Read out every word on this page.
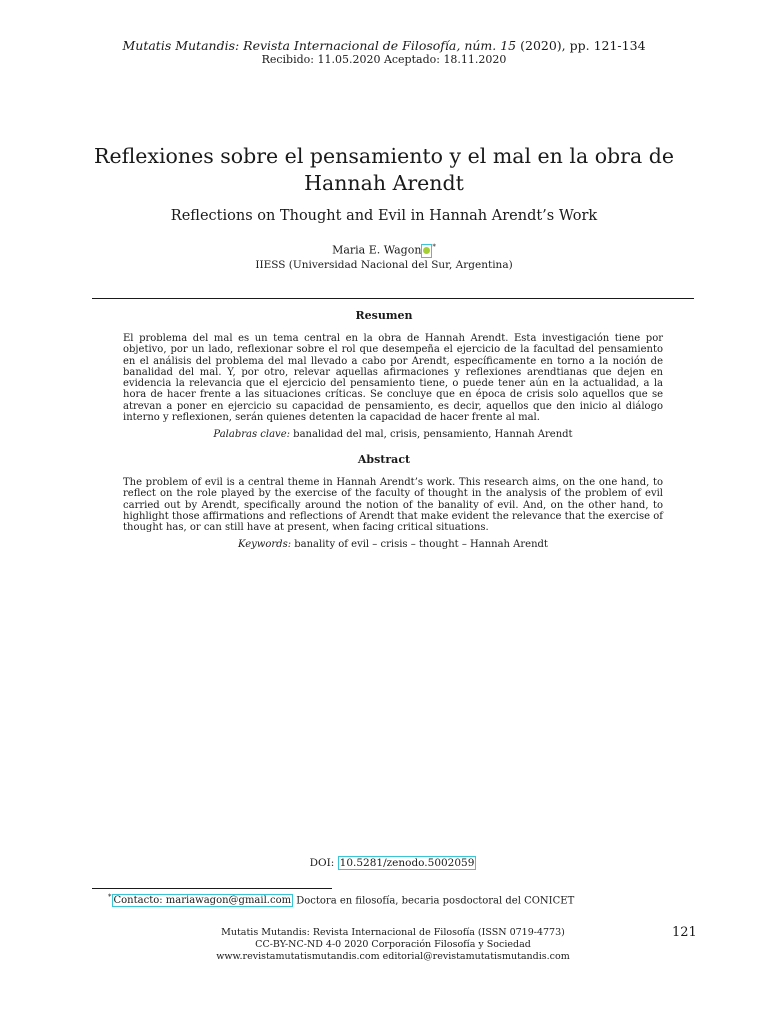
Mutatis Mutandis: Revista Internacional de Filosofía, núm. 15 (2020), pp. 121-134
Recibido: 11.05.2020 Aceptado: 18.11.2020
Reflexiones sobre el pensamiento y el mal en la obra de Hannah Arendt
Reflections on Thought and Evil in Hannah Arendt’s Work
Maria E. Wagon *
IIESS (Universidad Nacional del Sur, Argentina)
Resumen

El problema del mal es un tema central en la obra de Hannah Arendt. Esta investigación tiene por objetivo, por un lado, reflexionar sobre el rol que desempeña el ejercicio de la facultad del pensamiento en el análisis del problema del mal llevado a cabo por Arendt, específicamente en torno a la noción de banalidad del mal. Y, por otro, relevar aquellas afirmaciones y reflexiones arendtianas que dejen en evidencia la relevancia que el ejercicio del pensamiento tiene, o puede tener aún en la actualidad, a la hora de hacer frente a las situaciones críticas. Se concluye que en época de crisis solo aquellos que se atrevan a poner en ejercicio su capacidad de pensamiento, es decir, aquellos que den inicio al diálogo interno y reflexionen, serán quienes detenten la capacidad de hacer frente al mal.

Palabras clave: banalidad del mal, crisis, pensamiento, Hannah Arendt
Abstract

The problem of evil is a central theme in Hannah Arendt’s work. This research aims, on the one hand, to reflect on the role played by the exercise of the faculty of thought in the analysis of the problem of evil carried out by Arendt, specifically around the notion of the banality of evil. And, on the other hand, to highlight those affirmations and reflections of Arendt that make evident the relevance that the exercise of thought has, or can still have at present, when facing critical situations.

Keywords: banality of evil – crisis – thought – Hannah Arendt
DOI: 10.5281/zenodo.5002059
* Contacto: mariawagon@gmail.com Doctora en filosofía, becaria posdoctoral del CONICET
Mutatis Mutandis: Revista Internacional de Filosofía (ISSN 0719-4773)
CC-BY-NC-ND 4-0 2020 Corporación Filosofía y Sociedad
www.revistamutatismutandis.com editorial@revistamutatismutandis.com
121
